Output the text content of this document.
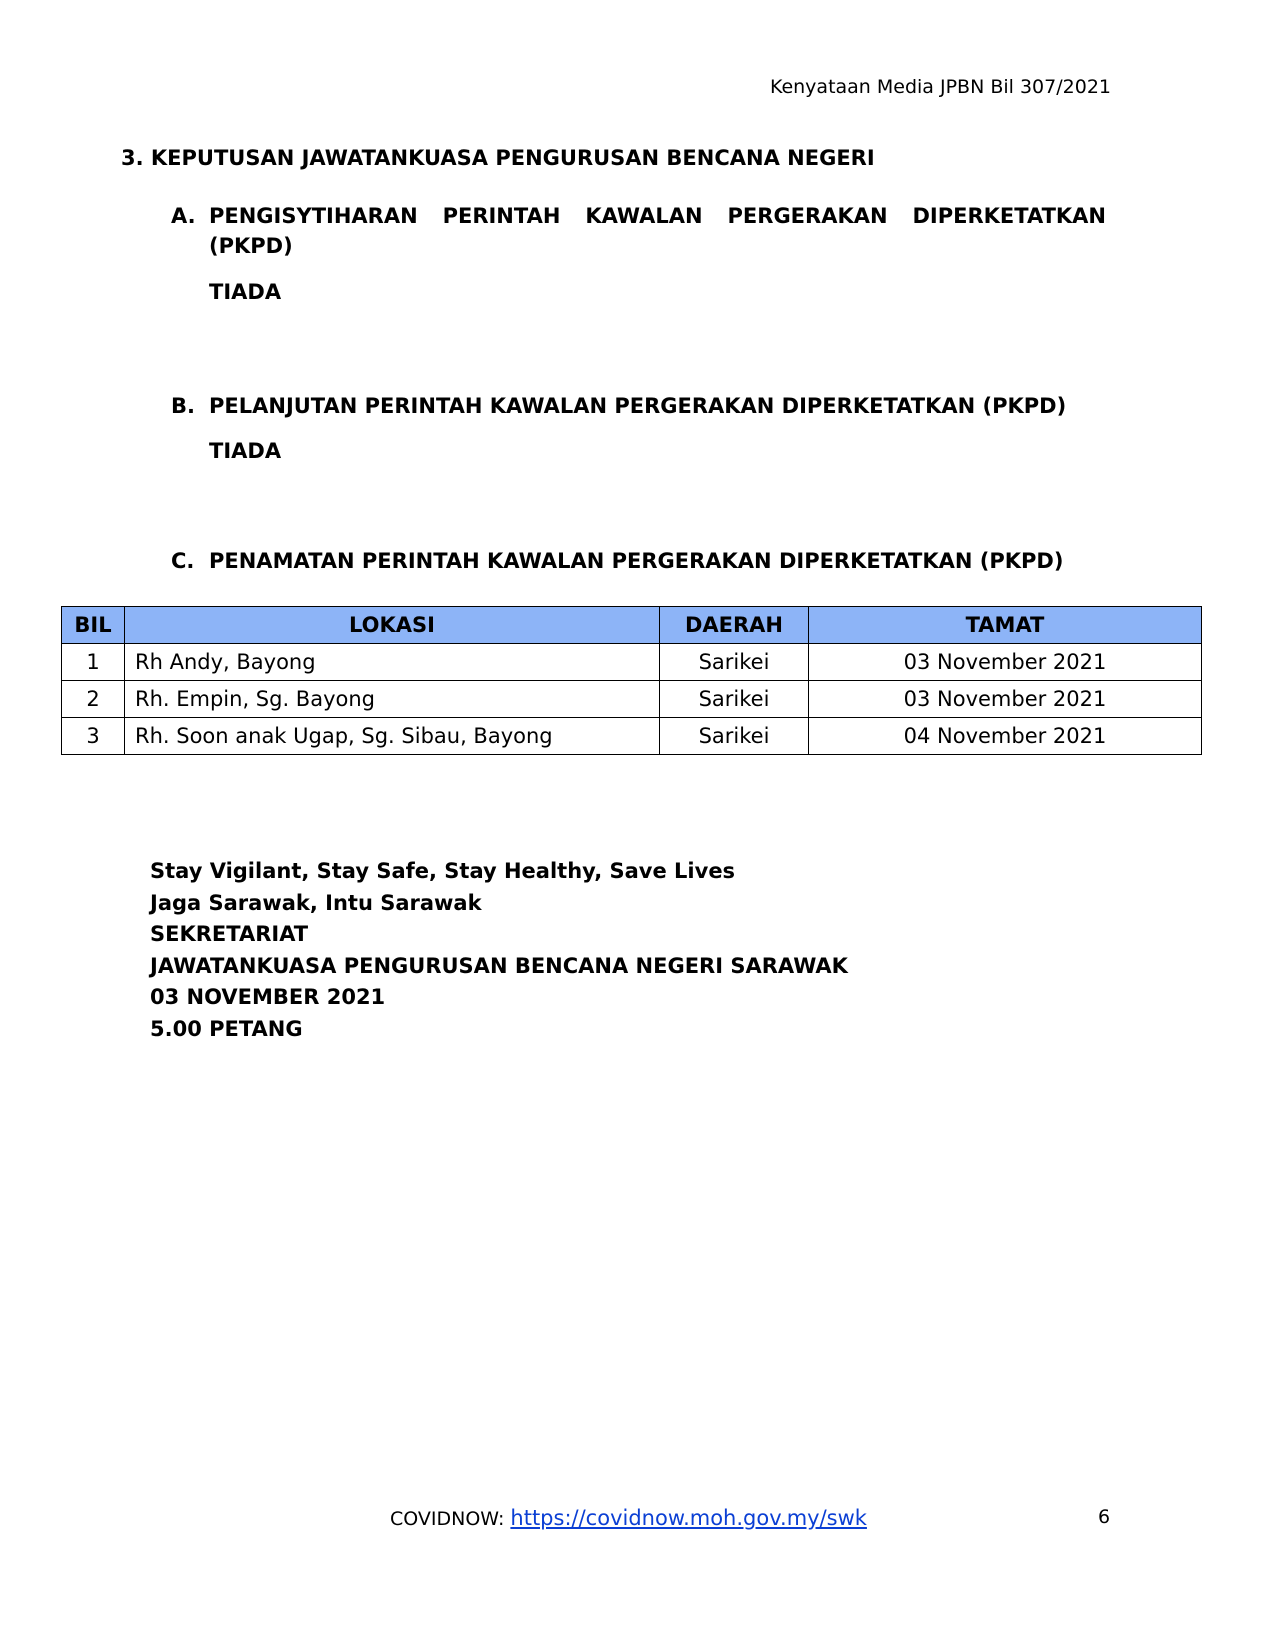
Kenyataan Media JPBN Bil 307/2021

3. KEPUTUSAN JAWATANKUASA PENGURUSAN BENCANA NEGERI

A. PENGISYTIHARAN PERINTAH KAWALAN PERGERAKAN DIPERKETATKAN
(PKPD)

TIADA

B. PELANJUTAN PERINTAH KAWALAN PERGERAKAN DIPERKETATKAN (PKPD)

TIADA

C. PENAMATAN PERINTAH KAWALAN PERGERAKAN DIPERKETATKAN (PKPD)
BIL	LOKASI	DAERAH	TAMAT
1	Rh Andy, Bayong	Sarikei	03 November 2021
2	Rh. Empin, Sg. Bayong	Sarikei	03 November 2021
3	Rh. Soon anak Ugap, Sg. Sibau, Bayong	Sarikei	04 November 2021
Stay Vigilant, Stay Safe, Stay Healthy, Save Lives
Jaga Sarawak, Intu Sarawak
SEKRETARIAT
JAWATANKUASA PENGURUSAN BENCANA NEGERI SARAWAK
03 NOVEMBER 2021
5.00 PETANG

COVIDNOW: https://covidnow.moh.gov.my/swk	6
